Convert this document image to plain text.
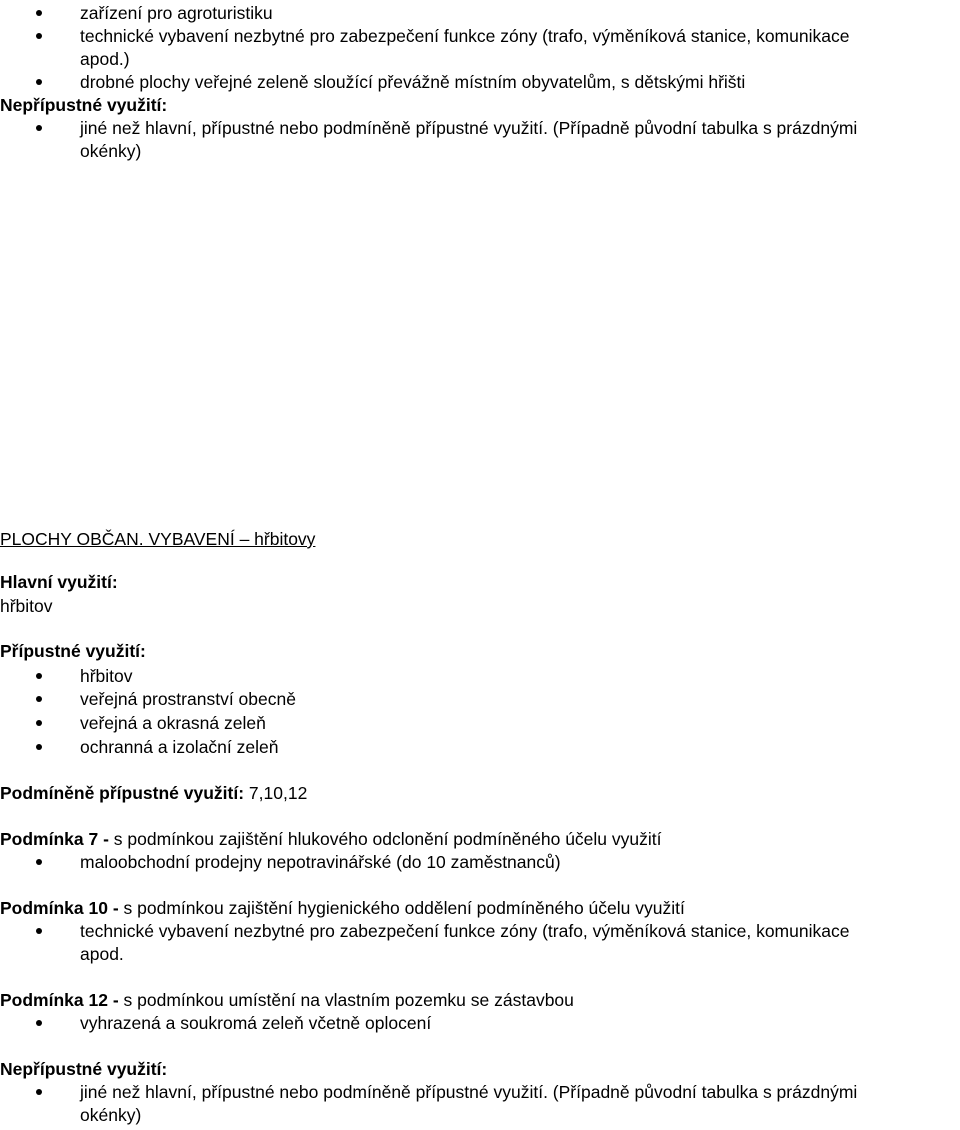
zařízení pro agroturistiku
technické vybavení nezbytné pro zabezpečení funkce zóny (trafo, výměníková stanice, komunikace
apod.)
drobné plochy veřejné zeleně sloužící převážně místním obyvatelům, s dětskými hřišti
Nepřípustné využití:
jiné než hlavní, přípustné nebo podmíněně přípustné využití. (Případně původní tabulka s prázdnými
okénky)
PLOCHY OBČAN. VYBAVENÍ – hřbitovy
Hlavní využití:
hřbitov
Přípustné využití:
hřbitov
veřejná prostranství obecně
veřejná a okrasná zeleň
ochranná a izolační zeleň
Podmíněně přípustné využití: 7,10,12
Podmínka 7 - s podmínkou zajištění hlukového odclonění podmíněného účelu využití
maloobchodní prodejny nepotravinářské (do 10 zaměstnanců)
Podmínka 10 - s podmínkou zajištění hygienického oddělení podmíněného účelu využití
technické vybavení nezbytné pro zabezpečení funkce zóny (trafo, výměníková stanice, komunikace
apod.
Podmínka 12 - s podmínkou umístění na vlastním pozemku se zástavbou
vyhrazená a soukromá zeleň včetně oplocení
Nepřípustné využití:
jiné než hlavní, přípustné nebo podmíněně přípustné využití. (Případně původní tabulka s prázdnými
okénky)
